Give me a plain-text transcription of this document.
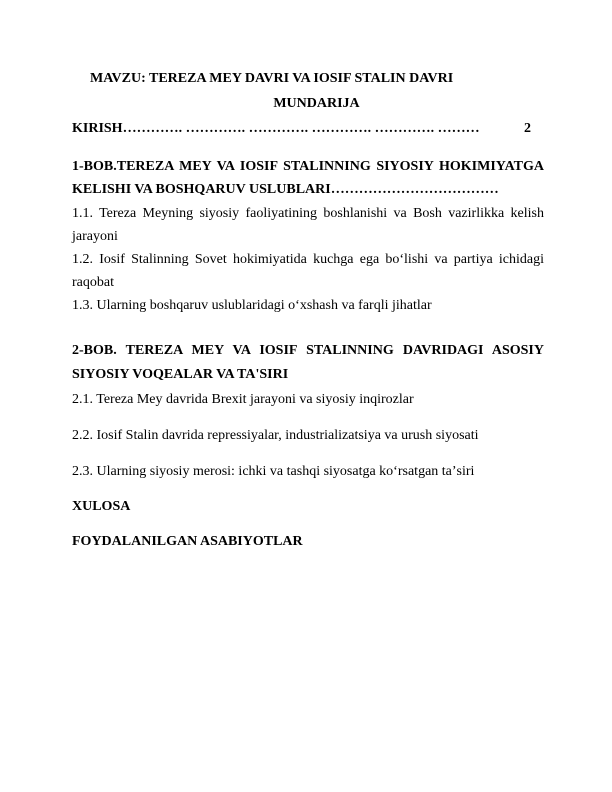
MAVZU: TEREZA MEY DAVRI VA IOSIF STALIN DAVRI
MUNDARIJA
KIRISH…………. …………. …………. …………. …………. ………	2
1-BOB.TEREZA MEY VA IOSIF STALINNING SIYOSIY HOKIMIYATGA
KELISHI VA BOSHQARUV USLUBLARI………………………………
1.1. Tereza Meyning siyosiy faoliyatining boshlanishi va Bosh vazirlikka kelish
jarayoni
1.2. Iosif Stalinning Sovet hokimiyatida kuchga ega boʻlishi va partiya ichidagi
raqobat
1.3. Ularning boshqaruv uslublaridagi oʻxshash va farqli jihatlar
2-BOB. TEREZA MEY VA IOSIF STALINNING DAVRIDAGI ASOSIY
SIYOSIY VOQEALAR VA TA'SIRI
2.1. Tereza Mey davrida Brexit jarayoni va siyosiy inqirozlar
2.2. Iosif Stalin davrida repressiyalar, industrializatsiya va urush siyosati
2.3. Ularning siyosiy merosi: ichki va tashqi siyosatga koʻrsatgan taʼsiri
XULOSA
FOYDALANILGAN ASABIYOTLAR
